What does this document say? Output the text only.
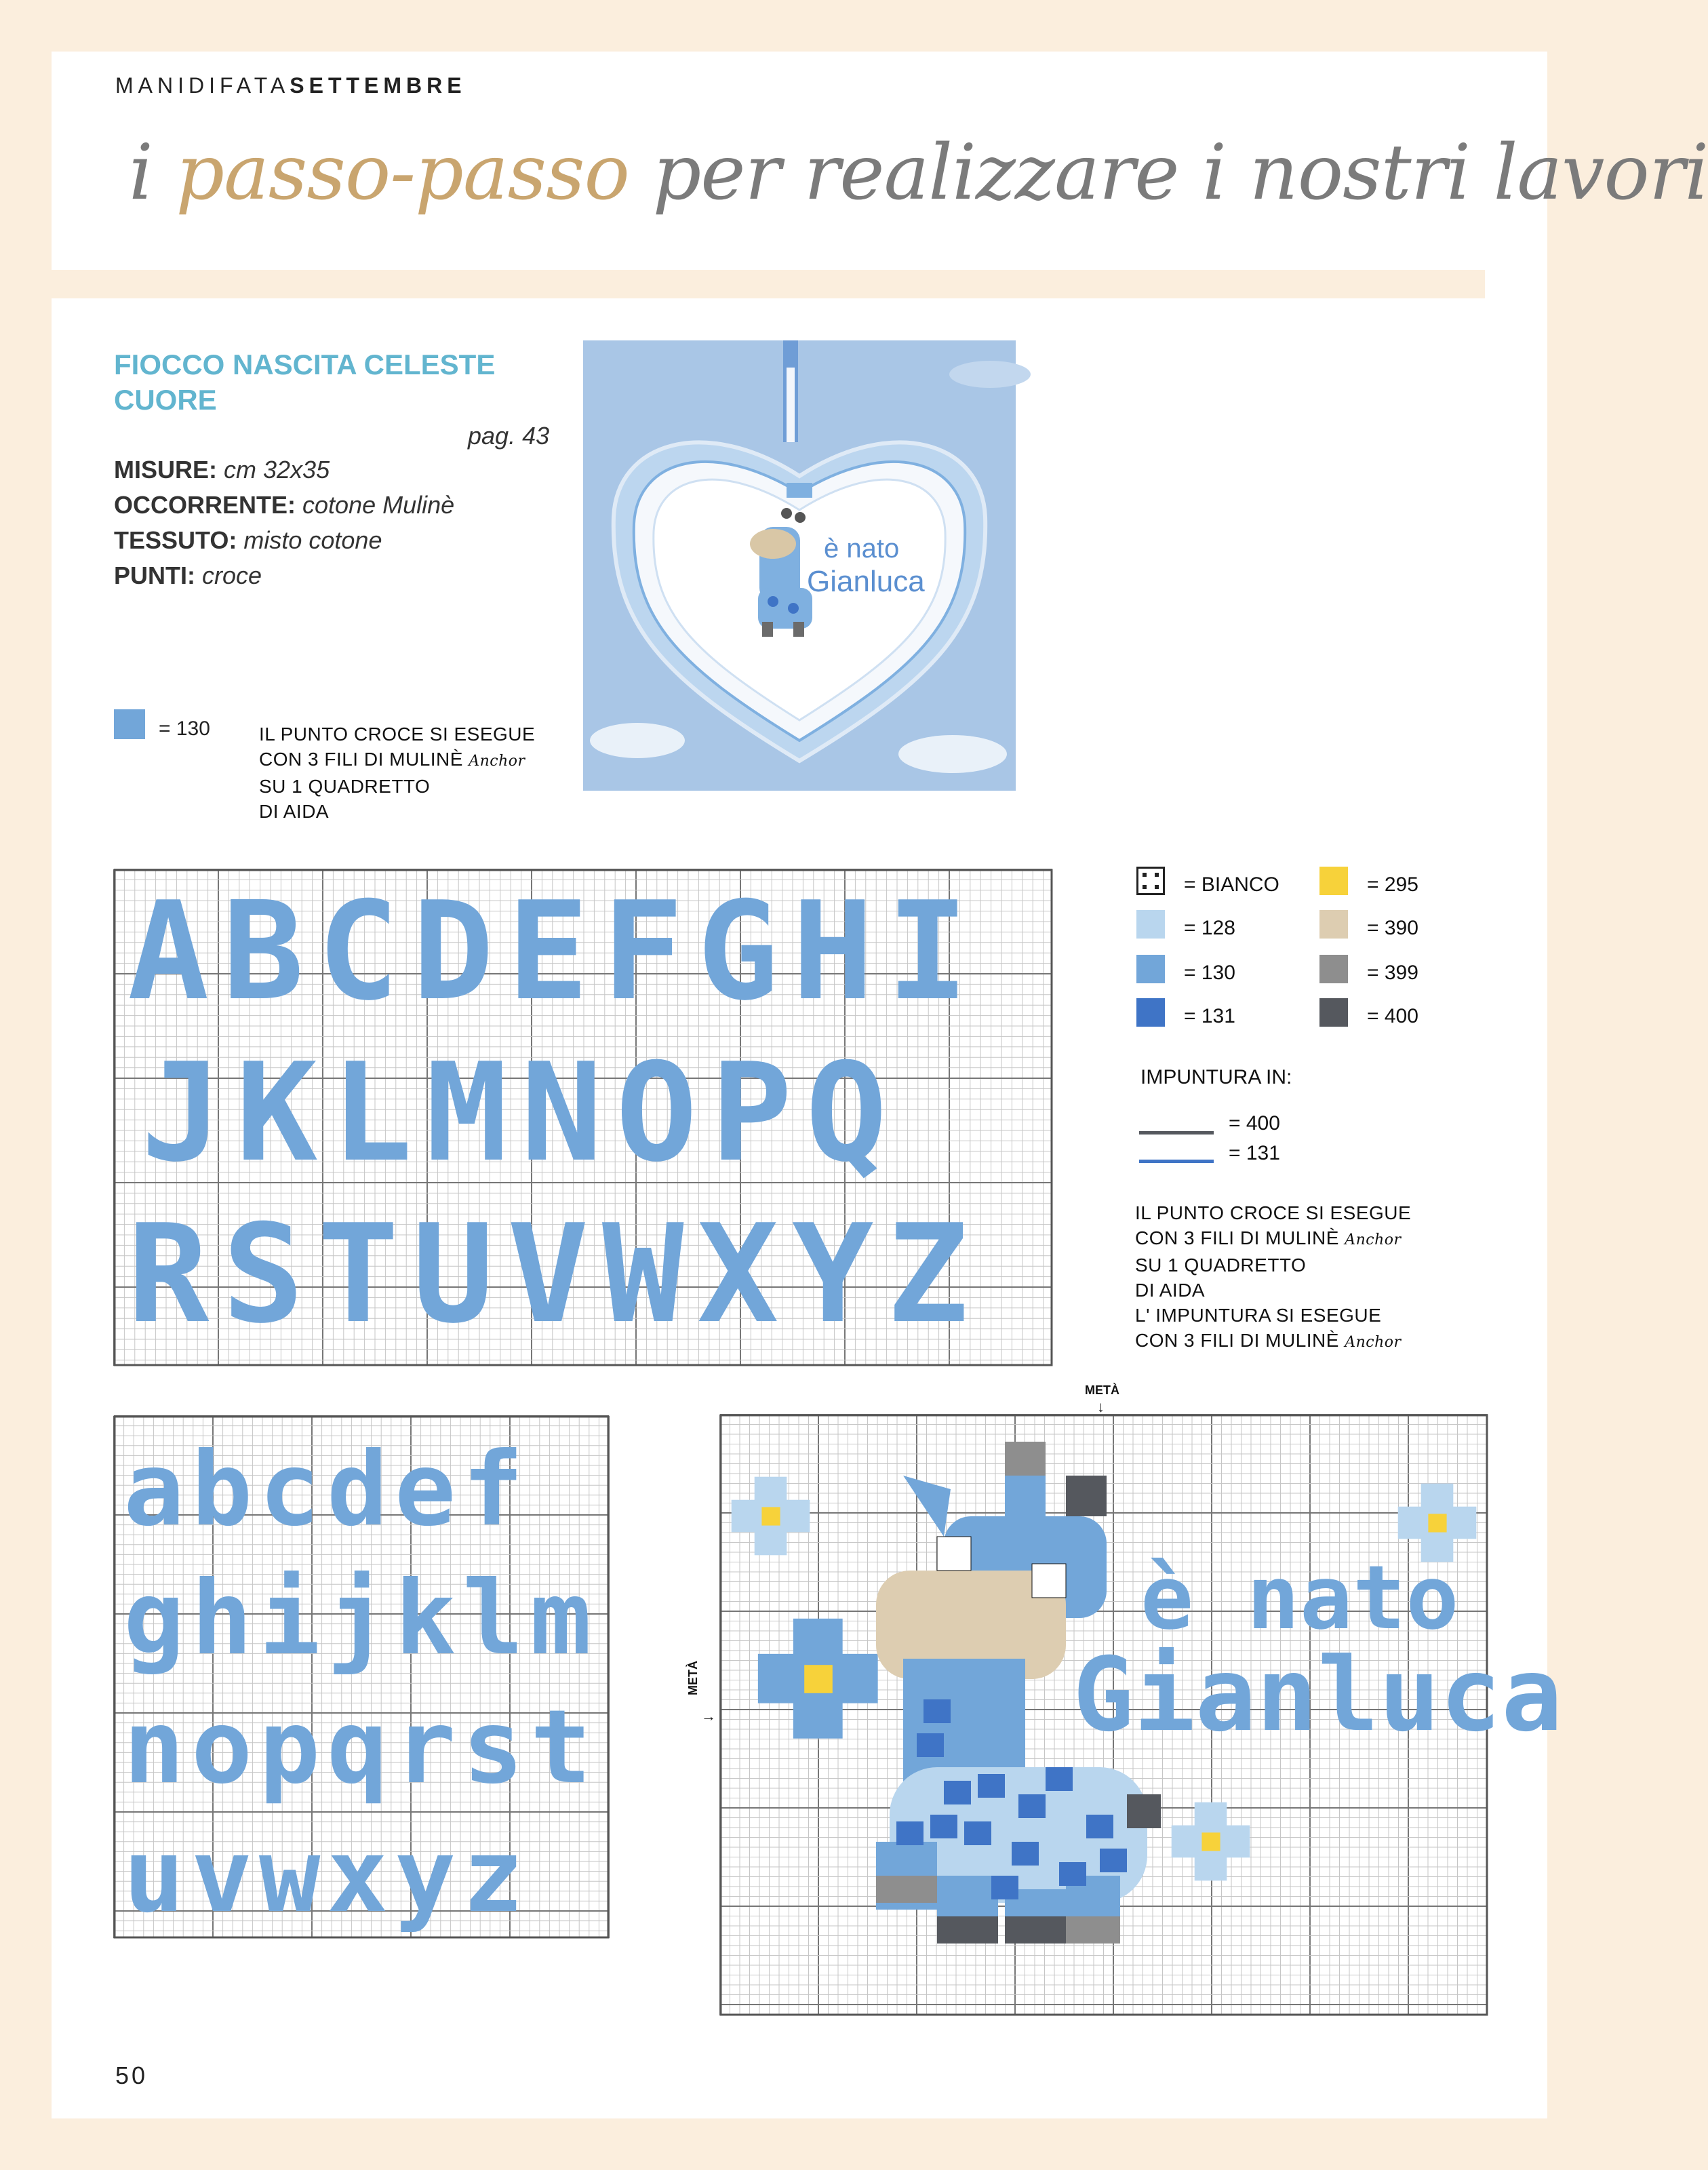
MANIDIFATASETTEMBRE
i passo-passo per realizzare i nostri lavori
FIOCCO NASCITA CELESTE CUORE
pag. 43
MISURE: cm 32x35
OCCORRENTE: cotone Mulinè
TESSUTO: misto cotone
PUNTI: croce
= 130	IL PUNTO CROCE SI ESEGUE
CON 3 FILI DI MULINÈ Anchor
SU 1 QUADRETTO
DI AIDA
è nato
Gianluca
A B C D E F G H I
J K L M N O P Q
R S T U V W X Y Z
a b c d e f
g h i j k l m
n o p q r s t
u v w x y z
è nato
Gianluca
METÀ
↓
METÀ
→
= BIANCO
= 128
= 130
= 131
= 295
= 390
= 399
= 400
IMPUNTURA IN:
= 400
= 131
IL PUNTO CROCE SI ESEGUE
CON 3 FILI DI MULINÈ Anchor
SU 1 QUADRETTO
DI AIDA
L' IMPUNTURA SI ESEGUE
CON 3 FILI DI MULINÈ Anchor
50
